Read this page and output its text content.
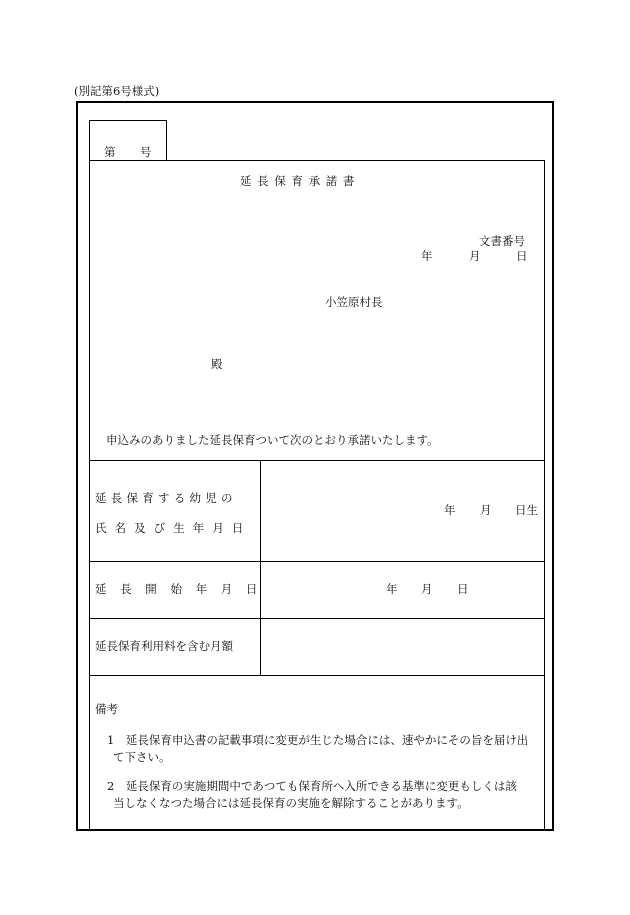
(別記第6号様式)
第 号
延 長 保 育 承 諾 書
文書番号
年	月	日
小笠原村長
殿
申込みのありました延長保育ついて次のとおり承諾いたします。
延 長 保 育 す る 幼 児 の
氏 名 及 び 生 年 月 日
年 月 日生
延 長 開 始 年 月 日	年 月 日
延長保育利用料を含む月額
備考
1　延長保育申込書の記載事項に変更が生じた場合には、速やかにその旨を届け出
て下さい。
2　延長保育の実施期間中であつても保育所へ入所できる基準に変更もしくは該
当しなくなつた場合には延長保育の実施を解除することがあります。
